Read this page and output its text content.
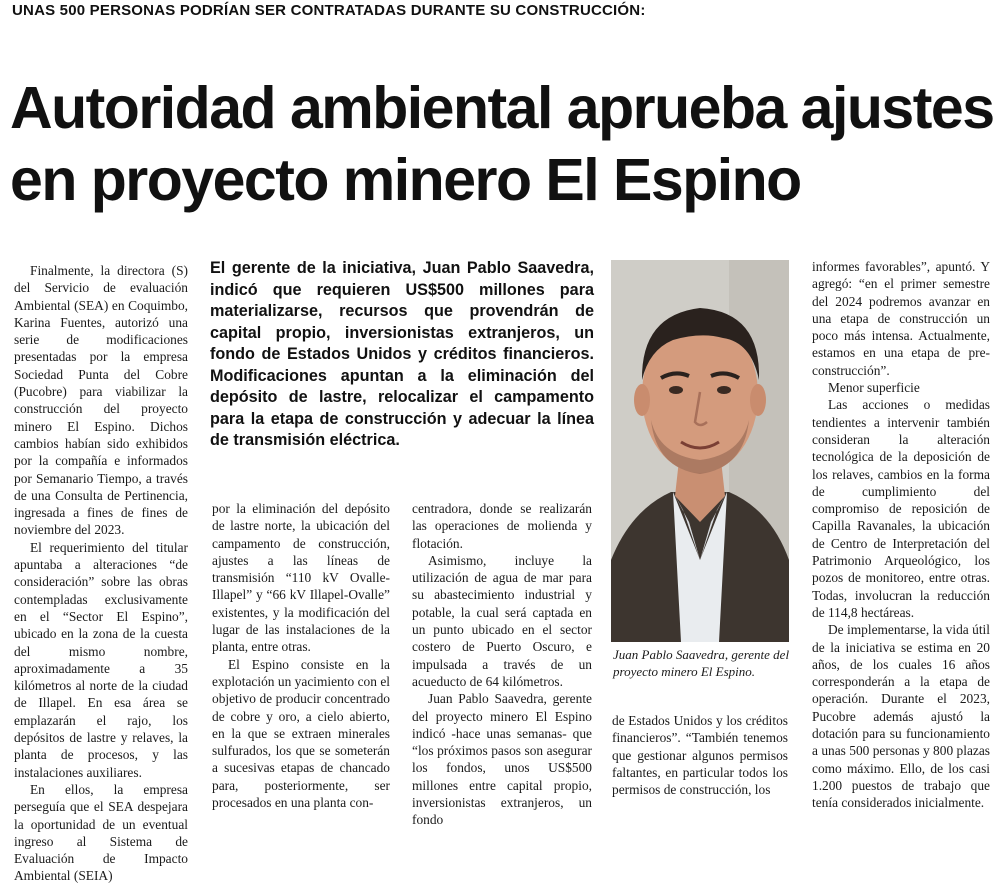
UNAS 500 PERSONAS PODRÍAN SER CONTRATADAS DURANTE SU CONSTRUCCIÓN:
Autoridad ambiental aprueba ajustes
en proyecto minero El Espino

Finalmente, la directora (S) del Servicio de evaluación Ambiental (SEA) en Coquimbo, Karina Fuentes, autorizó una serie de modificaciones presentadas por la empresa Sociedad Punta del Cobre (Pucobre) para viabilizar la construcción del proyecto minero El Espino. Dichos cambios habían sido exhibidos por la compañía e informados por Semanario Tiempo, a través de una Consulta de Pertinencia, ingresada a fines de fines de noviembre del 2023.

El requerimiento del titular apuntaba a alteraciones “de consideración” sobre las obras contempladas exclusivamente en el “Sector El Espino”, ubicado en la zona de la cuesta del mismo nombre, aproximadamente a 35 kilómetros al norte de la ciudad de Illapel. En esa área se emplazarán el rajo, los depósitos de lastre y relaves, la planta de procesos, y las instalaciones auxiliares.

En ellos, la empresa perseguía que el SEA despejara la oportunidad de un eventual ingreso al Sistema de Evaluación de Impacto Ambiental (SEIA)

El gerente de la iniciativa, Juan Pablo Saavedra, indicó que requieren US$500 millones para materializarse, recursos que provendrán de capital propio, inversionistas extranjeros, un fondo de Estados Unidos y créditos financieros. Modificaciones apuntan a la eliminación del depósito de lastre, relocalizar el campamento para la etapa de construcción y adecuar la línea de transmisión eléctrica.

por la eliminación del depósito de lastre norte, la ubicación del campamento de construcción, ajustes a las líneas de transmisión “110 kV Ovalle-Illapel” y “66 kV Illapel-Ovalle” existentes, y la modificación del lugar de las instalaciones de la planta, entre otras.

El Espino consiste en la explotación un yacimiento con el objetivo de producir concentrado de cobre y oro, a cielo abierto, en la que se extraen minerales sulfurados, los que se someterán a sucesivas etapas de chancado para, posteriormente, ser procesados en una planta con-

centradora, donde se realizarán las operaciones de molienda y flotación.

Asimismo, incluye la utilización de agua de mar para su abastecimiento industrial y potable, la cual será captada en un punto ubicado en el sector costero de Puerto Oscuro, e impulsada a través de un acueducto de 64 kilómetros.

Juan Pablo Saavedra, gerente del proyecto minero El Espino indicó -hace unas semanas- que “los próximos pasos son asegurar los fondos, unos US$500 millones entre capital propio, inversionistas extranjeros, un fondo

Juan Pablo Saavedra, gerente del proyecto minero El Espino.

de Estados Unidos y los créditos financieros”. “También tenemos que gestionar algunos permisos faltantes, en particular todos los permisos de construcción, los

informes favorables”, apuntó. Y agregó: “en el primer semestre del 2024 podremos avanzar en una etapa de construcción un poco más intensa. Actualmente, estamos en una etapa de pre-construcción”.

Menor superficie

Las acciones o medidas tendientes a intervenir también consideran la alteración tecnológica de la deposición de los relaves, cambios en la forma de cumplimiento del compromiso de reposición de Capilla Ravanales, la ubicación de Centro de Interpretación del Patrimonio Arqueológico, los pozos de monitoreo, entre otras. Todas, involucran la reducción de 114,8 hectáreas.

De implementarse, la vida útil de la iniciativa se estima en 20 años, de los cuales 16 años corresponderán a la etapa de operación. Durante el 2023, Pucobre además ajustó la dotación para su funcionamiento a unas 500 personas y 800 plazas como máximo. Ello, de los casi 1.200 puestos de trabajo que tenía considerados inicialmente.
